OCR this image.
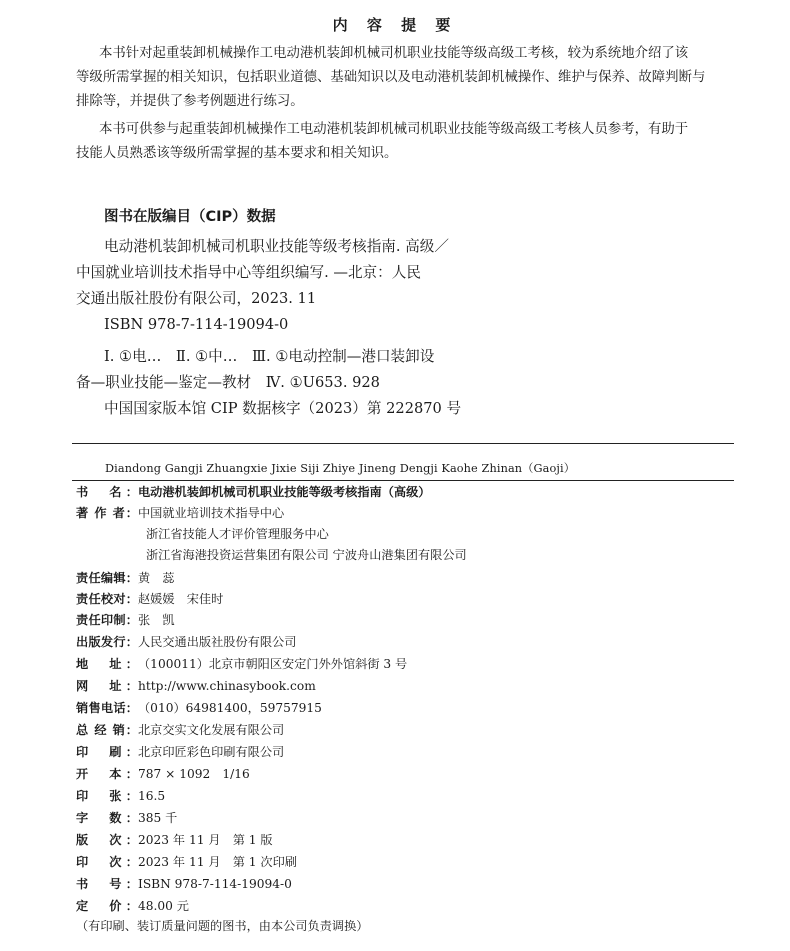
内 容 提 要
本书针对起重装卸机械操作工电动港机装卸机械司机职业技能等级高级工考核，较为系统地介绍了该
等级所需掌握的相关知识，包括职业道德、基础知识以及电动港机装卸机械操作、维护与保养、故障判断与
排除等，并提供了参考例题进行练习。
本书可供参与起重装卸机械操作工电动港机装卸机械司机职业技能等级高级工考核人员参考，有助于
技能人员熟悉该等级所需掌握的基本要求和相关知识。
图书在版编目（CIP）数据
电动港机装卸机械司机职业技能等级考核指南. 高级／
中国就业培训技术指导中心等组织编写. —北京：人民
交通出版社股份有限公司，2023. 11
ISBN 978-7-114-19094-0
Ⅰ. ①电…　Ⅱ. ①中…　Ⅲ. ①电动控制—港口装卸设
备—职业技能—鉴定—教材　Ⅳ. ①U653. 928
中国国家版本馆 CIP 数据核字（2023）第 222870 号
Diandong Gangji Zhuangxie Jixie Siji Zhiye Jineng Dengji Kaohe Zhinan（Gaoji）
书　名：电动港机装卸机械司机职业技能等级考核指南（高级）
著 作 者：中国就业培训技术指导中心
浙江省技能人才评价管理服务中心
浙江省海港投资运营集团有限公司 宁波舟山港集团有限公司
责任编辑：黄　蕊
责任校对：赵媛媛　宋佳时
责任印制：张　凯
出版发行：人民交通出版社股份有限公司
地　址：（100011）北京市朝阳区安定门外外馆斜街 3 号
网　址：http://www.chinasybook.com
销售电话：（010）64981400，59757915
总 经 销：北京交实文化发展有限公司
印　刷：北京印匠彩色印刷有限公司
开　本：787 × 1092　1/16
印　张：16.5
字　数：385 千
版　次：2023 年 11 月　第 1 版
印　次：2023 年 11 月　第 1 次印刷
书　号：ISBN 978-7-114-19094-0
定　价：48.00 元
（有印刷、装订质量问题的图书，由本公司负责调换）
